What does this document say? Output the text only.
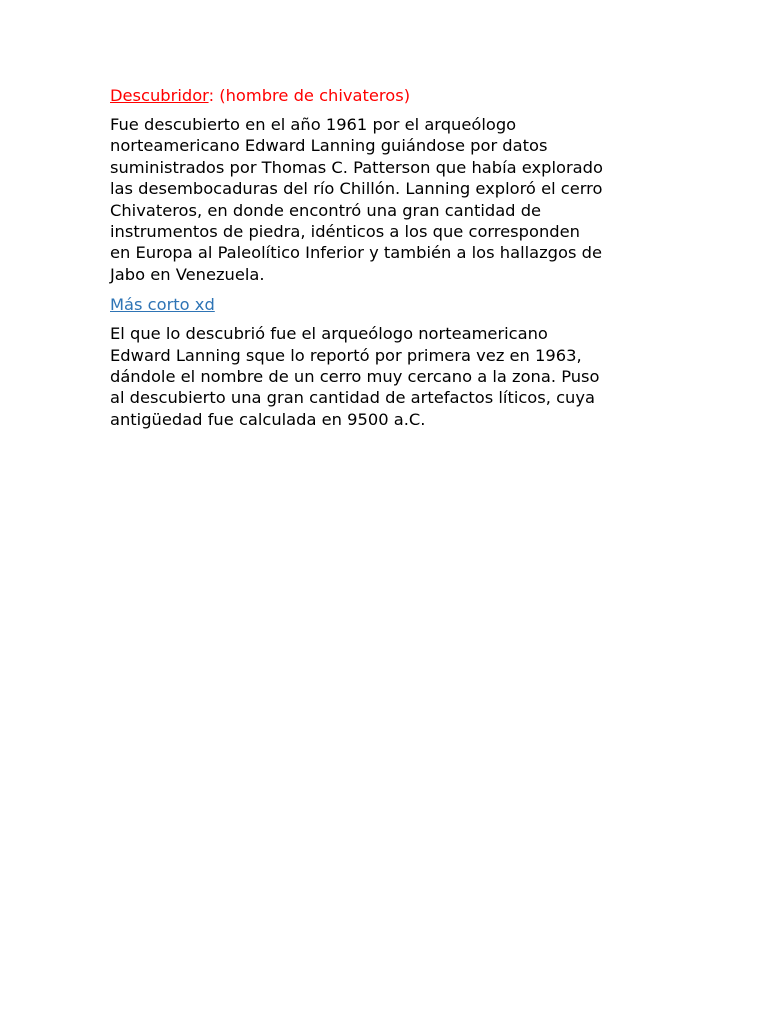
Descubridor: (hombre de chivateros)
Fue descubierto en el año 1961 por el arqueólogo
norteamericano Edward Lanning guiándose por datos
suministrados por Thomas C. Patterson que había explorado
las desembocaduras del río Chillón. Lanning exploró el cerro
Chivateros, en donde encontró una gran cantidad de
instrumentos de piedra, idénticos a los que corresponden
en Europa al Paleolítico Inferior y también a los hallazgos de
Jabo en Venezuela.
Más corto xd
El que lo descubrió fue el arqueólogo norteamericano
Edward Lanning sque lo reportó por primera vez en 1963,
dándole el nombre de un cerro muy cercano a la zona. Puso
al descubierto una gran cantidad de artefactos líticos, cuya
antigüedad fue calculada en 9500 a.C.
